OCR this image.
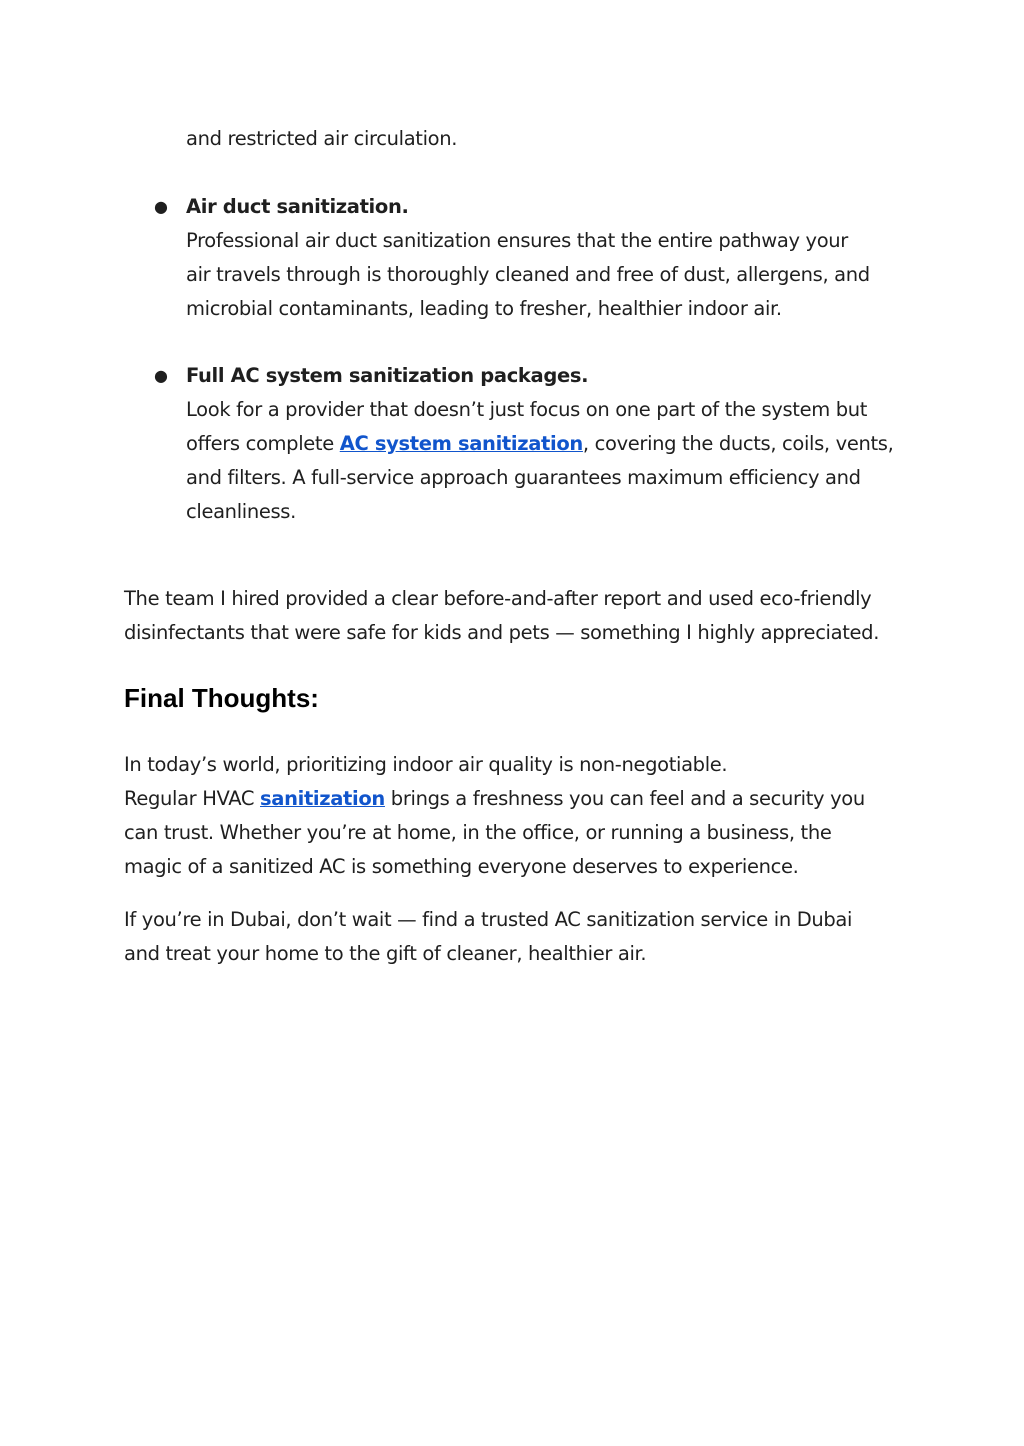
and restricted air circulation.
● Air duct sanitization.
Professional air duct sanitization ensures that the entire pathway your
air travels through is thoroughly cleaned and free of dust, allergens, and
microbial contaminants, leading to fresher, healthier indoor air.
● Full AC system sanitization packages.
Look for a provider that doesn’t just focus on one part of the system but
offers complete AC system sanitization, covering the ducts, coils, vents,
and filters. A full-service approach guarantees maximum efficiency and
cleanliness.
The team I hired provided a clear before-and-after report and used eco-friendly
disinfectants that were safe for kids and pets — something I highly appreciated.
Final Thoughts:
In today’s world, prioritizing indoor air quality is non-negotiable.
Regular HVAC sanitization brings a freshness you can feel and a security you
can trust. Whether you’re at home, in the office, or running a business, the
magic of a sanitized AC is something everyone deserves to experience.
If you’re in Dubai, don’t wait — find a trusted AC sanitization service in Dubai
and treat your home to the gift of cleaner, healthier air.
